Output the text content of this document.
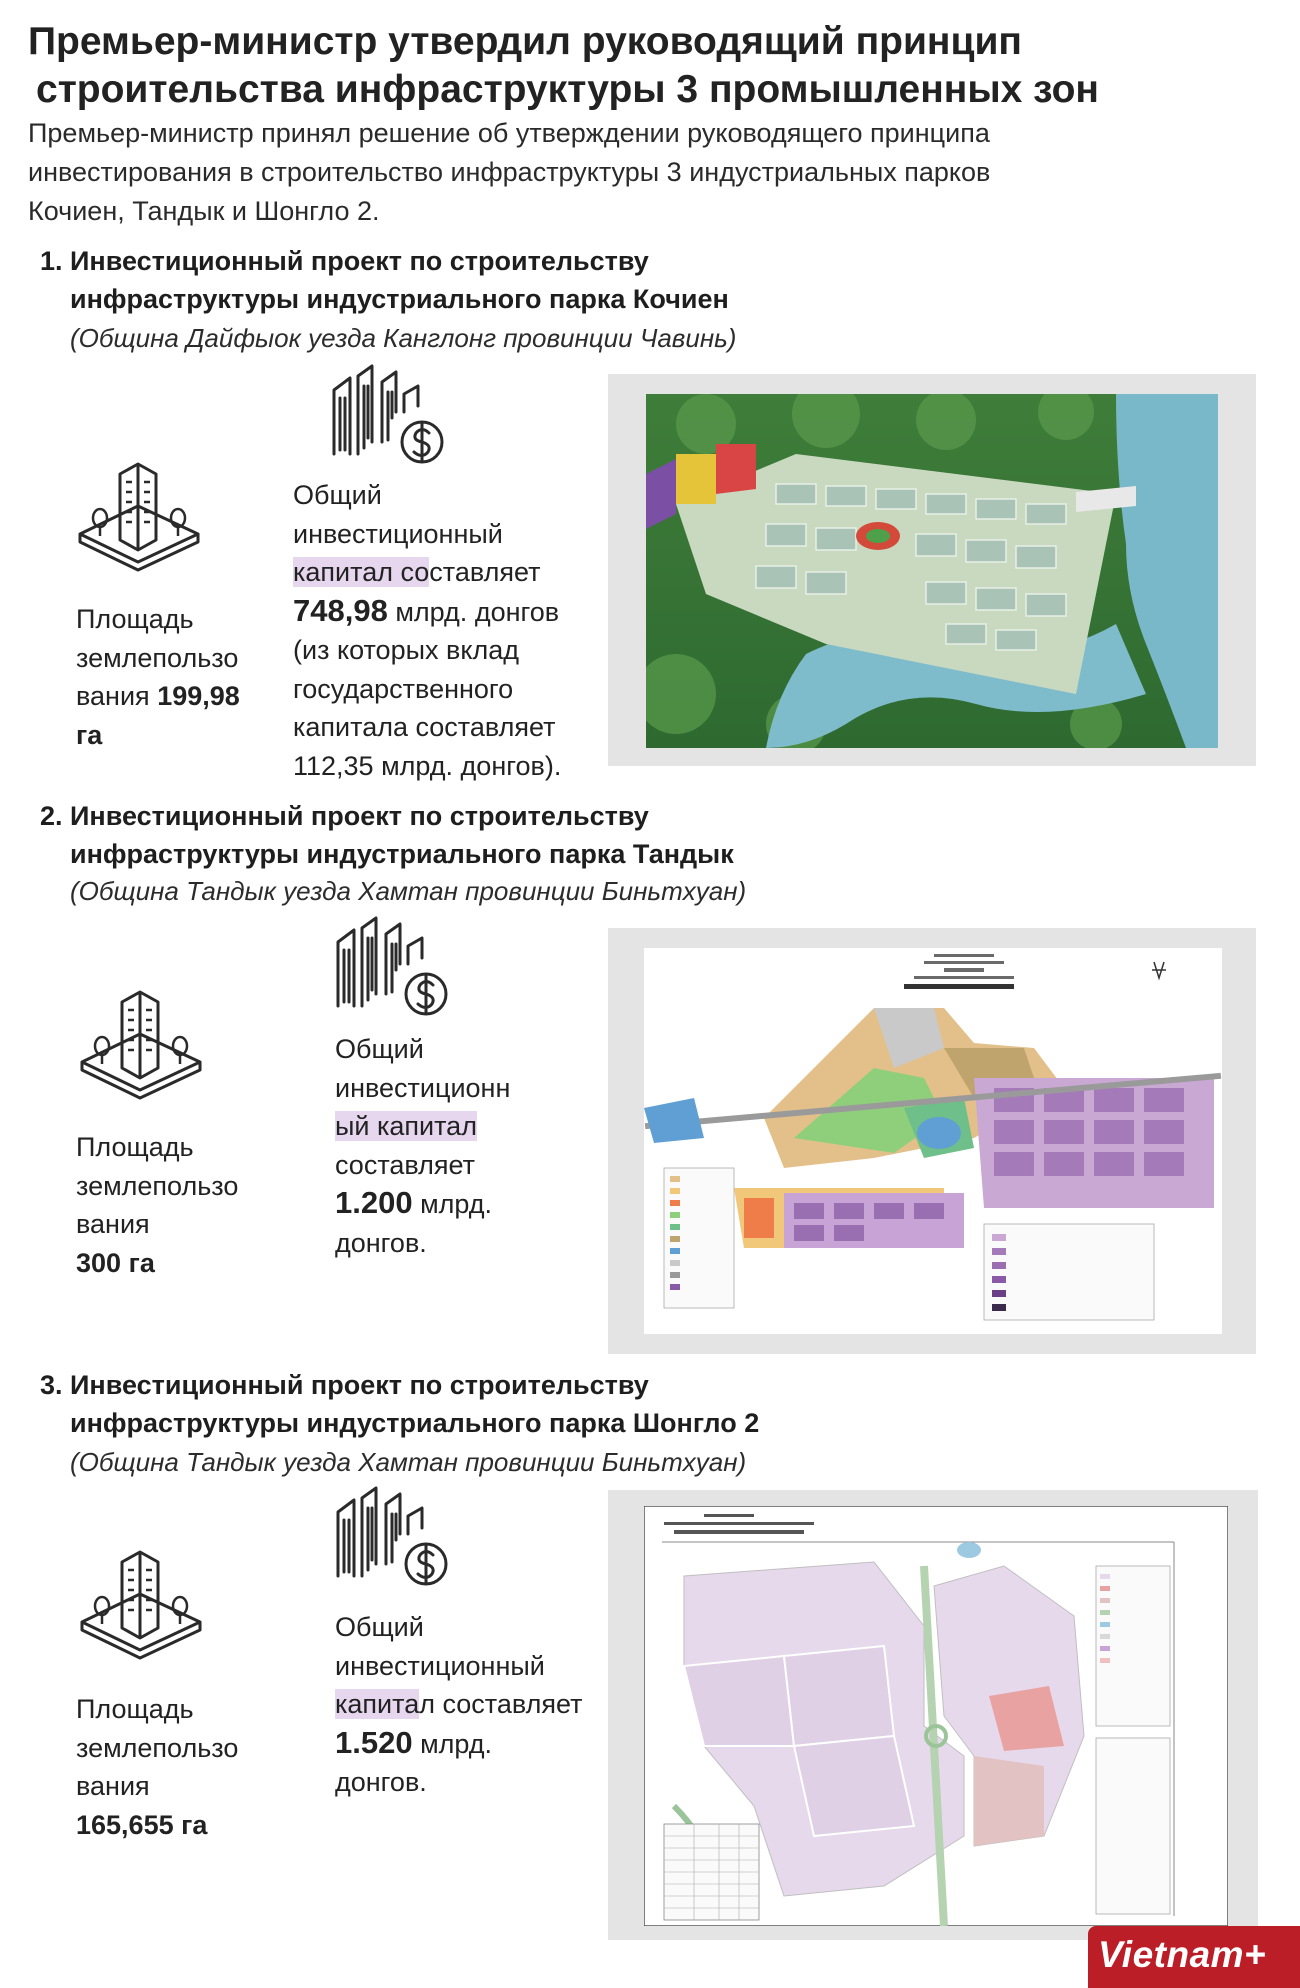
Премьер-министр утвердил руководящий принцип
строительства инфраструктуры 3 промышленных зон
Премьер-министр принял решение об утверждении руководящего принципа
инвестирования в строительство инфраструктуры 3 индустриальных парков
Кочиен, Тандык и Шонгло 2.
1. Инвестиционный проект по строительству
инфраструктуры индустриального парка Кочиен
(Община Дайфыок уезда Канглонг провинции Чавинь)
Площадь
землепользо
вания 199,98
га
Общий
инвестиционный
капитал составляет
748,98 млрд. донгов
(из которых вклад
государственного
капитала составляет
112,35 млрд. донгов).
2. Инвестиционный проект по строительству
инфраструктуры индустриального парка Тандык
(Община Тандык уезда Хамтан провинции Биньтхуан)
Площадь
землепользо
вания
300 га
Общий
инвестиционн
ый капитал
составляет
1.200 млрд.
донгов.
3. Инвестиционный проект по строительству
инфраструктуры индустриального парка Шонгло 2
(Община Тандык уезда Хамтан провинции Биньтхуан)
Площадь
землепользо
вания
165,655 га
Общий
инвестиционный
капитал составляет
1.520 млрд.
донгов.
Vietnam+
